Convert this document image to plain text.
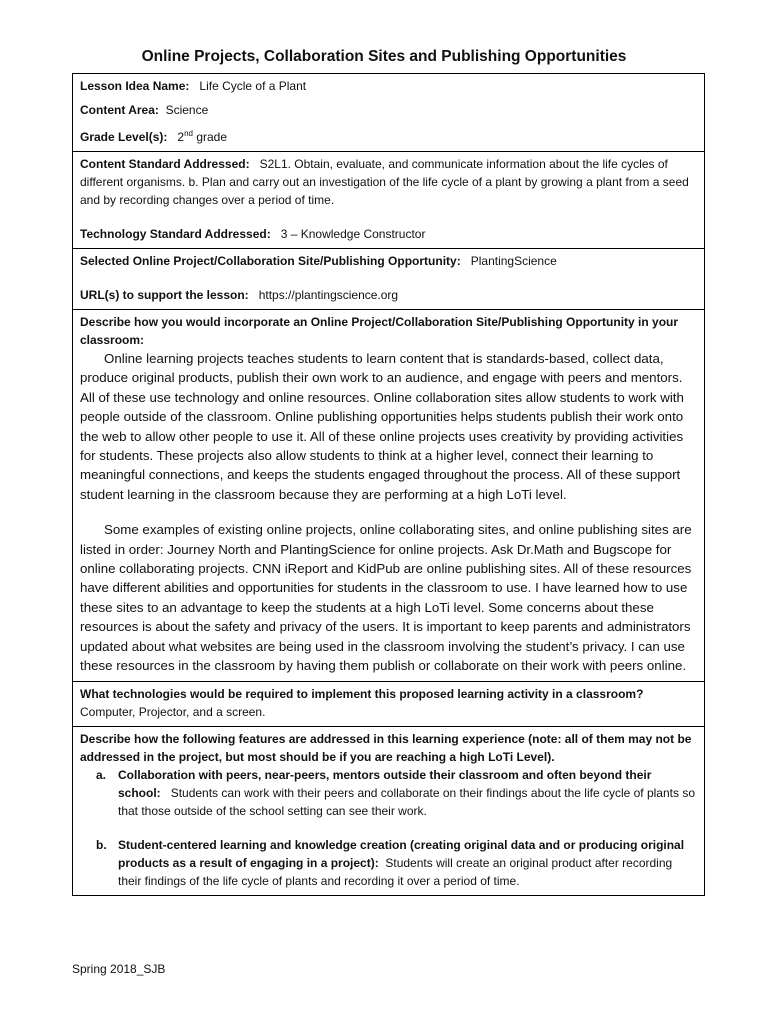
Online Projects, Collaboration Sites and Publishing Opportunities

Lesson Idea Name: Life Cycle of a Plant

Content Area: Science

Grade Level(s): 2nd grade

Content Standard Addressed: S2L1. Obtain, evaluate, and communicate information about the life cycles of different organisms. b. Plan and carry out an investigation of the life cycle of a plant by growing a plant from a seed and by recording changes over a period of time.

Technology Standard Addressed: 3 – Knowledge Constructor

Selected Online Project/Collaboration Site/Publishing Opportunity: PlantingScience

URL(s) to support the lesson: https://plantingscience.org

Describe how you would incorporate an Online Project/Collaboration Site/Publishing Opportunity in your classroom:

Online learning projects teaches students to learn content that is standards-based, collect data, produce original products, publish their own work to an audience, and engage with peers and mentors. All of these use technology and online resources. Online collaboration sites allow students to work with people outside of the classroom. Online publishing opportunities helps students publish their work onto the web to allow other people to use it. All of these online projects uses creativity by providing activities for students. These projects also allow students to think at a higher level, connect their learning to meaningful connections, and keeps the students engaged throughout the process. All of these support student learning in the classroom because they are performing at a high LoTi level.

Some examples of existing online projects, online collaborating sites, and online publishing sites are listed in order: Journey North and PlantingScience for online projects. Ask Dr.Math and Bugscope for online collaborating projects. CNN iReport and KidPub are online publishing sites. All of these resources have different abilities and opportunities for students in the classroom to use. I have learned how to use these sites to an advantage to keep the students at a high LoTi level. Some concerns about these resources is about the safety and privacy of the users. It is important to keep parents and administrators updated about what websites are being used in the classroom involving the student’s privacy. I can use these resources in the classroom by having them publish or collaborate on their work with peers online.

What technologies would be required to implement this proposed learning activity in a classroom?

Computer, Projector, and a screen.

Describe how the following features are addressed in this learning experience (note: all of them may not be addressed in the project, but most should be if you are reaching a high LoTi Level).

a. Collaboration with peers, near-peers, mentors outside their classroom and often beyond their school: Students can work with their peers and collaborate on their findings about the life cycle of plants so that those outside of the school setting can see their work.
b. Student-centered learning and knowledge creation (creating original data and or producing original products as a result of engaging in a project): Students will create an original product after recording their findings of the life cycle of plants and recording it over a period of time.
Spring 2018_SJB
